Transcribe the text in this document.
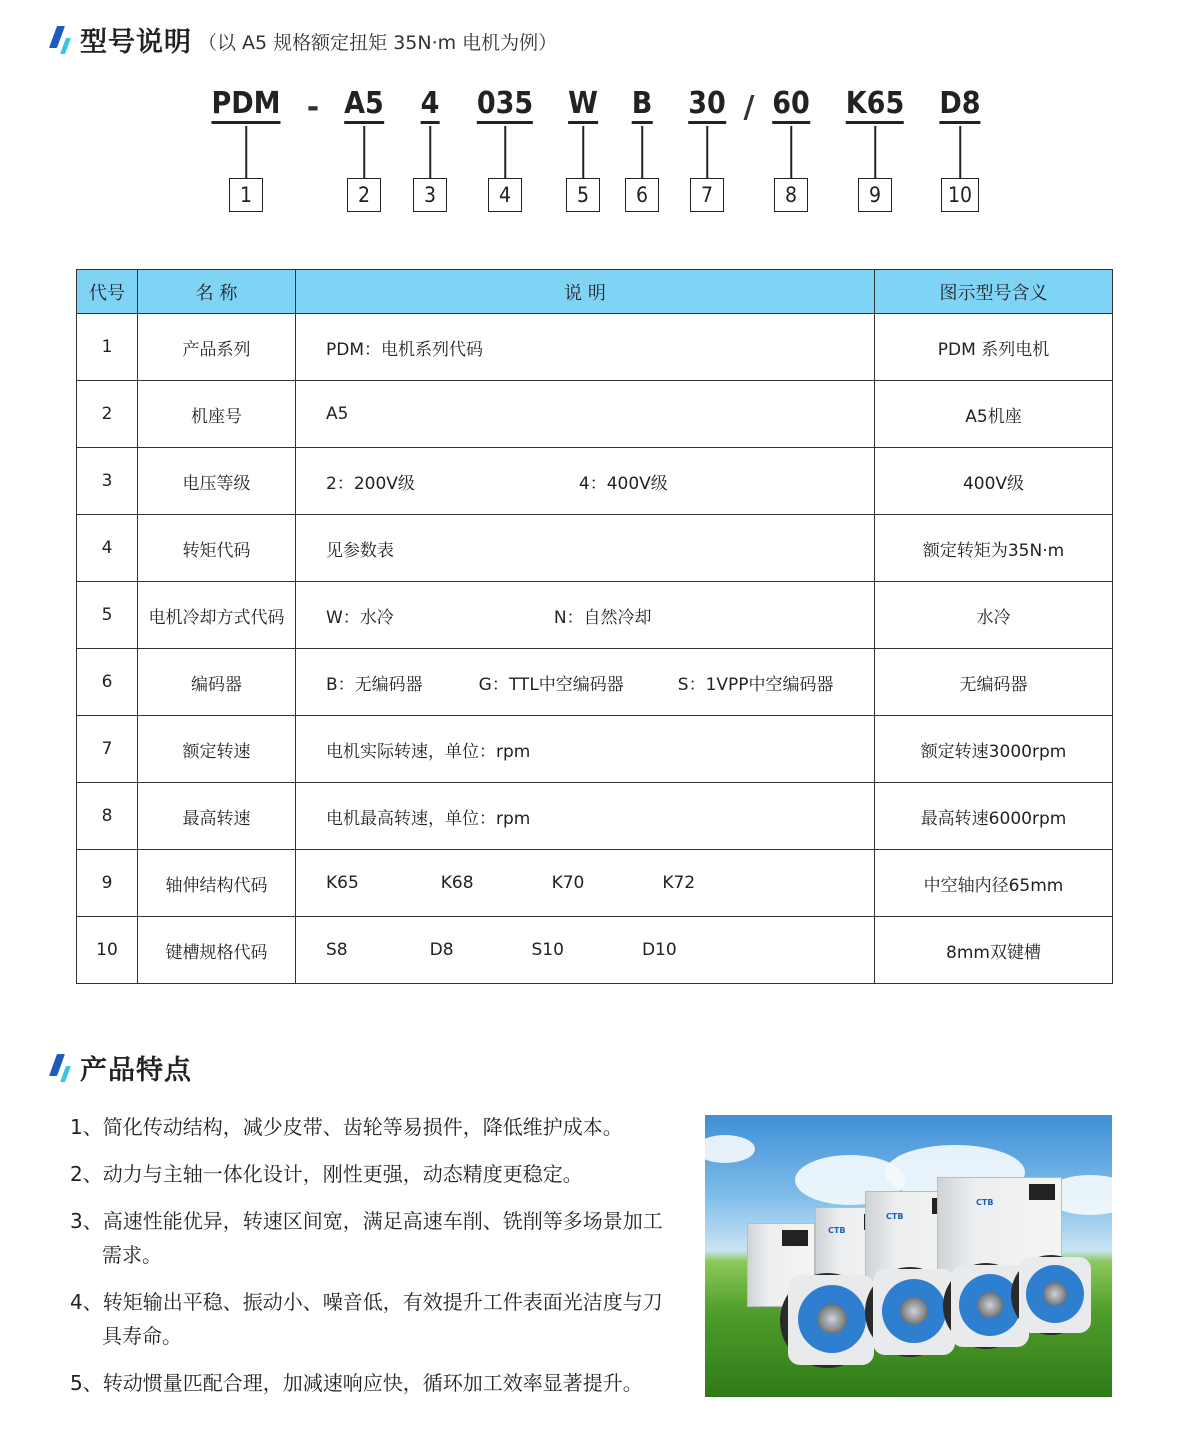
型号说明 （以 A5 规格额定扭矩 35N·m 电机为例）
PDM
1
A5
2
4
3
035
4
W
5
B
6
30
7
60
8
K65
9
D8
10
-	/
代号	名 称	说 明	图示型号含义
1	产品系列	PDM：电机系列代码	PDM 系列电机
2	机座号	A5	A5机座
3	电压等级	2：200V级 4：400V级	400V级
4	转矩代码	见参数表	额定转矩为35N·m
5	电机冷却方式代码	W：水冷 N：自然冷却	水冷
6	编码器	B：无编码器 G：TTL中空编码器 S：1VPP中空编码器	无编码器
7	额定转速	电机实际转速，单位：rpm	额定转速3000rpm
8	最高转速	电机最高转速，单位：rpm	最高转速6000rpm
9	轴伸结构代码	K65 K68 K70 K72	中空轴内径65mm
10	键槽规格代码	S8 D8 S10 D10	8mm双键槽
产品特点
1、简化传动结构，减少皮带、齿轮等易损件，降低维护成本。
2、动力与主轴一体化设计，刚性更强，动态精度更稳定。
3、高速性能优异，转速区间宽，满足高速车削、铣削等多场景加工需求。
4、转矩输出平稳、振动小、噪音低，有效提升工件表面光洁度与刀具寿命。
5、转动惯量匹配合理，加减速响应快，循环加工效率显著提升。
CTB
CTB
CTB
